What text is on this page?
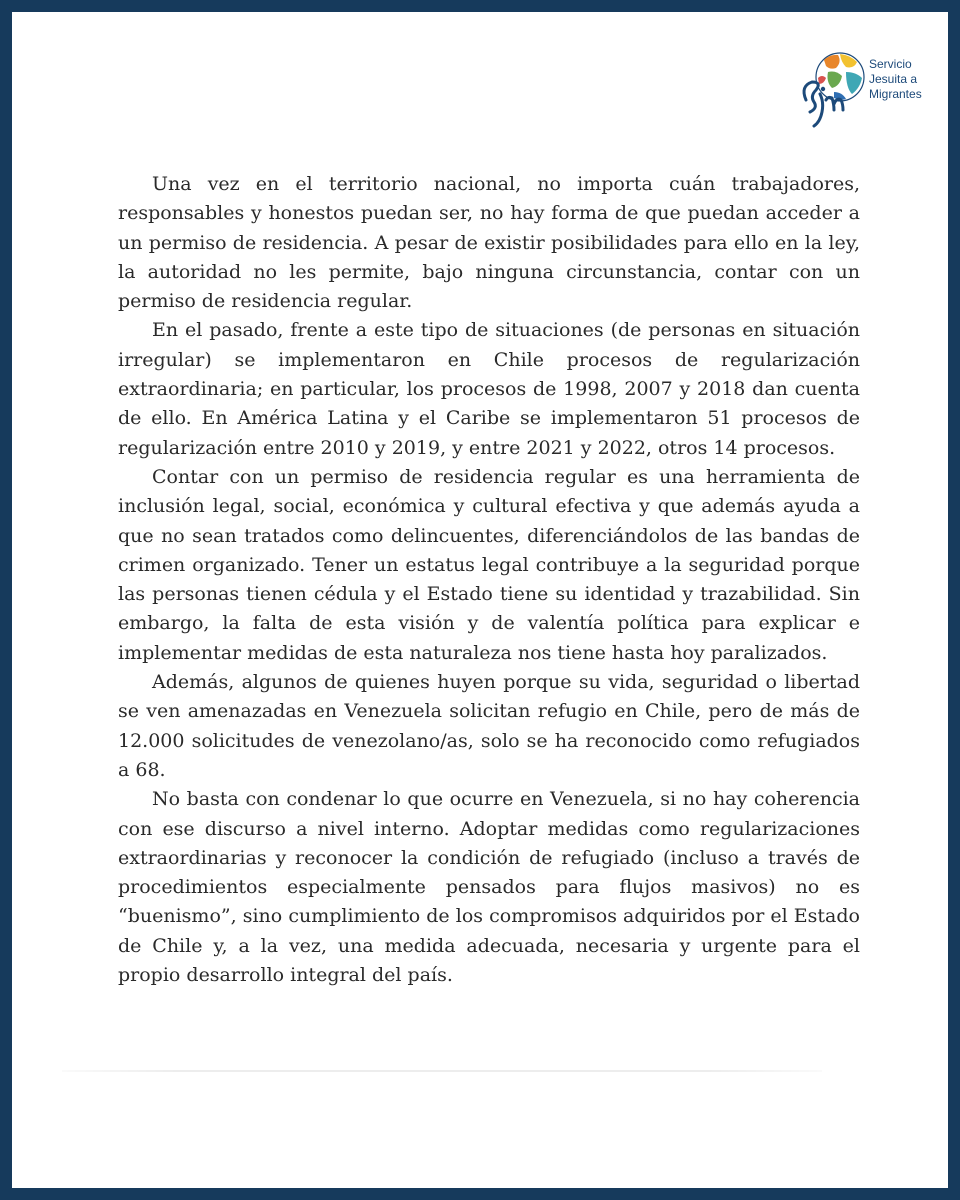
Servicio
Jesuita a
Migrantes

Una vez en el territorio nacional, no importa cuán trabajadores, responsables y honestos puedan ser, no hay forma de que puedan acceder a un permiso de residencia. A pesar de existir posibilidades para ello en la ley, la autoridad no les permite, bajo ninguna circunstancia, contar con un permiso de residencia regular.

En el pasado, frente a este tipo de situaciones (de personas en situación irregular) se implementaron en Chile procesos de regularización extraordinaria; en particular, los procesos de 1998, 2007 y 2018 dan cuenta de ello. En América Latina y el Caribe se implementaron 51 procesos de regularización entre 2010 y 2019, y entre 2021 y 2022, otros 14 procesos.

Contar con un permiso de residencia regular es una herramienta de inclusión legal, social, económica y cultural efectiva y que además ayuda a que no sean tratados como delincuentes, diferenciándolos de las bandas de crimen organizado. Tener un estatus legal contribuye a la seguridad porque las personas tienen cédula y el Estado tiene su identidad y trazabilidad. Sin embargo, la falta de esta visión y de valentía política para explicar e implementar medidas de esta naturaleza nos tiene hasta hoy paralizados.

Además, algunos de quienes huyen porque su vida, seguridad o libertad se ven amenazadas en Venezuela solicitan refugio en Chile, pero de más de 12.000 solicitudes de venezolano/as, solo se ha reconocido como refugiados a 68.

No basta con condenar lo que ocurre en Venezuela, si no hay coherencia con ese discurso a nivel interno. Adoptar medidas como regularizaciones extraordinarias y reconocer la condición de refugiado (incluso a través de procedimientos especialmente pensados para flujos masivos) no es “buenismo”, sino cumplimiento de los compromisos adquiridos por el Estado de Chile y, a la vez, una medida adecuada, necesaria y urgente para el propio desarrollo integral del país.
